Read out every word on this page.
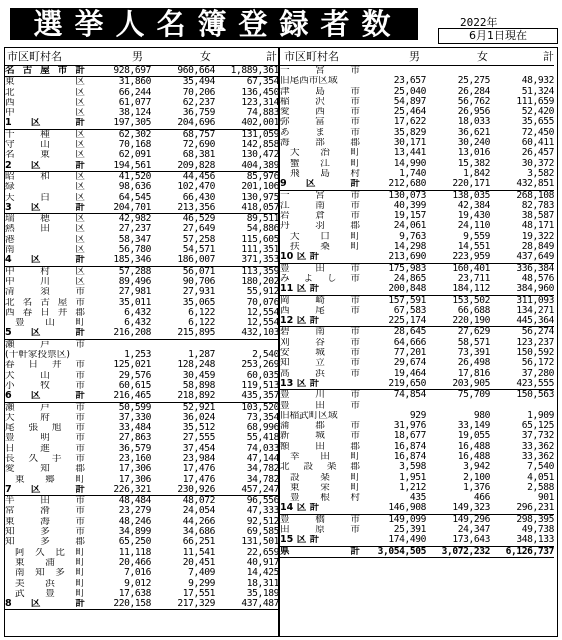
選挙人名簿登録者数	2022年
6月1日現在
市区町村名	男	女	計
名古屋市計	928,697	960,664	1,889,361
東区	31,860	35,494	67,354
北区	66,244	70,206	136,450
西区	61,077	62,237	123,314
中区	38,124	36,759	74,883
1 区 計	197,305	204,696	402,001
千種区	62,302	68,757	131,059
守山区	70,168	72,690	142,858
名東区	62,091	68,381	130,472
2 区 計	194,561	209,828	404,389
昭和区	41,520	44,456	85,976
緑区	98,636	102,470	201,106
天白区	64,545	66,430	130,975
3 区 計	204,701	213,356	418,057
瑞穂区	42,982	46,529	89,511
熱田区	27,237	27,649	54,886
港区	58,347	57,258	115,605
南区	56,780	54,571	111,351
4 区 計	185,346	186,007	371,353
中村区	57,288	56,071	113,359
中川区	89,496	90,706	180,202
清須市	27,981	27,931	55,912
北名古屋市	35,011	35,065	70,076
西春日井郡	6,432	6,122	12,554
豊山町	6,432	6,122	12,554
5 区 計	216,208	215,895	432,103
瀬戸市
(十軒家投票区)	1,253	1,287	2,540
春日井市	125,021	128,248	253,269
犬山市	29,576	30,459	60,035
小牧市	60,615	58,898	119,513
6 区 計	216,465	218,892	435,357
瀬戸市	50,599	52,921	103,520
大府市	37,330	36,024	73,354
尾張旭市	33,484	35,512	68,996
豊明市	27,863	27,555	55,418
日進市	36,579	37,454	74,033
長久手市	23,160	23,984	47,144
愛知郡	17,306	17,476	34,782
東郷町	17,306	17,476	34,782
7 区 計	226,321	230,926	457,247
半田市	48,484	48,072	96,556
常滑市	23,279	24,054	47,333
東海市	48,246	44,266	92,512
知多市	34,899	34,686	69,585
知多郡	65,250	66,251	131,501
阿久比町	11,118	11,541	22,659
東浦町	20,466	20,451	40,917
南知多町	7,016	7,409	14,425
美浜町	9,012	9,299	18,311
武豊町	17,638	17,551	35,189
8 区 計	220,158	217,329	437,487
市区町村名	男	女	計
一宮市
旧尾西市区域	23,657	25,275	48,932
津島市	25,040	26,284	51,324
稲沢市	54,897	56,762	111,659
愛西市	25,464	26,956	52,420
弥富市	17,622	18,033	35,655
あま市	35,829	36,621	72,450
海部郡	30,171	30,240	60,411
大治町	13,441	13,016	26,457
蟹江町	14,990	15,382	30,372
飛島村	1,740	1,842	3,582
9 区 計	212,680	220,171	432,851
一宮市	130,073	138,035	268,108
江南市	40,399	42,384	82,783
岩倉市	19,157	19,430	38,587
丹羽郡	24,061	24,110	48,171
大口町	9,763	9,559	19,322
扶桑町	14,298	14,551	28,849
10 区 計	213,690	223,959	437,649
豊田市	175,983	160,401	336,384
みよし市	24,865	23,711	48,576
11 区 計	200,848	184,112	384,960
岡崎市	157,591	153,502	311,093
西尾市	67,583	66,688	134,271
12 区 計	225,174	220,190	445,364
碧南市	28,645	27,629	56,274
刈谷市	64,666	58,571	123,237
安城市	77,201	73,391	150,592
知立市	29,674	26,498	56,172
高浜市	19,464	17,816	37,280
13 区 計	219,650	203,905	423,555
豊川市	74,854	75,709	150,563
豊田市
旧稲武町区域	929	980	1,909
蒲郡市	31,976	33,149	65,125
新城市	18,677	19,055	37,732
額田郡	16,874	16,488	33,362
幸田町	16,874	16,488	33,362
北設楽郡	3,598	3,942	7,540
設楽町	1,951	2,100	4,051
東栄町	1,212	1,376	2,588
豊根村	435	466	901
14 区 計	146,908	149,323	296,231
豊橋市	149,099	149,296	298,395
田原市	25,391	24,347	49,738
15 区 計	174,490	173,643	348,133
県 計	3,054,505	3,072,232	6,126,737
